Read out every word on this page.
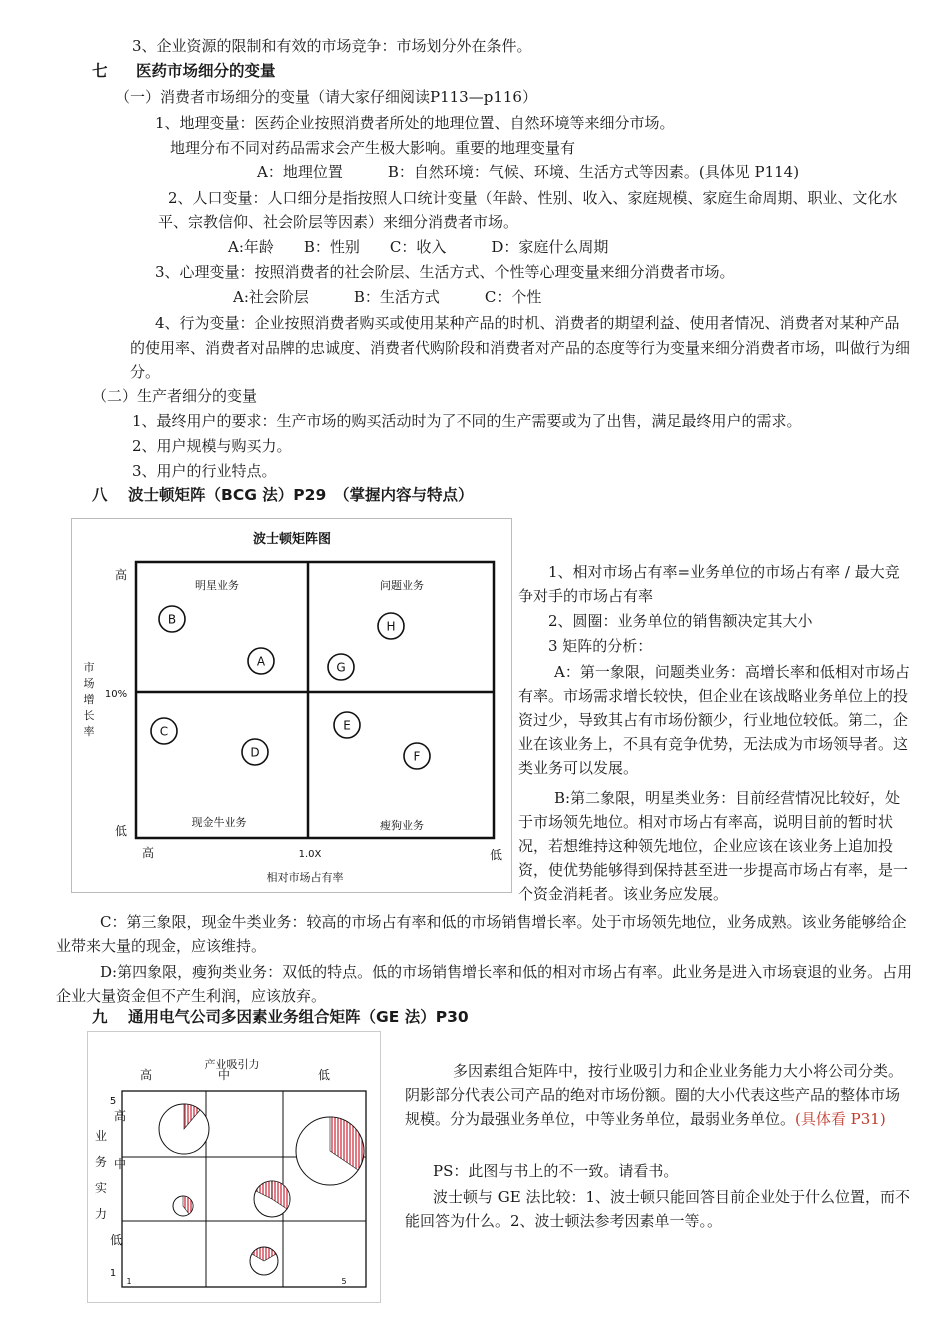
3、企业资源的限制和有效的市场竞争：市场划分外在条件。
七 医药市场细分的变量
（一）消费者市场细分的变量（请大家仔细阅读P113—p116）
1、地理变量：医药企业按照消费者所处的地理位置、自然环境等来细分市场。
地理分布不同对药品需求会产生极大影响。重要的地理变量有
A：地理位置　　　B：自然环境：气候、环境、生活方式等因素。(具体见 P114)
2、人口变量：人口细分是指按照人口统计变量（年龄、性别、收入、家庭规模、家庭生命周期、职业、文化水平、宗教信仰、社会阶层等因素）来细分消费者市场。
A:年龄　　B：性别　　C：收入　　　D：家庭什么周期
3、心理变量：按照消费者的社会阶层、生活方式、个性等心理变量来细分消费者市场。
A:社会阶层　　　B：生活方式　　　C：个性
4、行为变量：企业按照消费者购买或使用某种产品的时机、消费者的期望利益、使用者情况、消费者对某种产品的使用率、消费者对品牌的忠诚度、消费者代购阶段和消费者对产品的态度等行为变量来细分消费者市场，叫做行为细分。
（二）生产者细分的变量
1、最终用户的要求：生产市场的购买活动时为了不同的生产需要或为了出售，满足最终用户的需求。
2、用户规模与购买力。
3、用户的行业特点。
八 波士顿矩阵（BCG 法）P29　（掌握内容与特点）
波士顿矩阵图
高
10%
低
市场增长率
高	1.0X	低
相对市场占有率
明星业务	问题业务
现金牛业务	瘦狗业务
B
A
H
G
C
D
E
F
1、相对市场占有率=业务单位的市场占有率 / 最大竞争对手的市场占有率
2、圆圈：业务单位的销售额决定其大小
3 矩阵的分析：
A：第一象限，问题类业务：高增长率和低相对市场占有率。市场需求增长较快，但企业在该战略业务单位上的投资过少，导致其占有市场份额少，行业地位较低。第二，企业在该业务上，不具有竞争优势，无法成为市场领导者。这类业务可以发展。
B:第二象限，明星类业务：目前经营情况比较好，处于市场领先地位。相对市场占有率高，说明目前的暂时状况，若想维持这种领先地位，企业应该在该业务上追加投资，使优势能够得到保持甚至进一步提高市场占有率，是一个资金消耗者。该业务应发展。
C：第三象限，现金牛类业务：较高的市场占有率和低的市场销售增长率。处于市场领先地位，业务成熟。该业务能够给企业带来大量的现金，应该维持。
D:第四象限，瘦狗类业务：双低的特点。低的市场销售增长率和低的相对市场占有率。此业务是进入市场衰退的业务。占用企业大量资金但不产生利润，应该放弃。
九 通用电气公司多因素业务组合矩阵（GE 法）P30
产业吸引力
高	中	低
5
高
中
低
1
业务实力
1	5
多因素组合矩阵中，按行业吸引力和企业业务能力大小将公司分类。阴影部分代表公司产品的绝对市场份额。圈的大小代表这些产品的整体市场规模。分为最强业务单位，中等业务单位，最弱业务单位。(具体看 P31)
PS：此图与书上的不一致。请看书。
波士顿与 GE 法比较：1、波士顿只能回答目前企业处于什么位置，而不能回答为什么。2、波士顿法参考因素单一等。。
